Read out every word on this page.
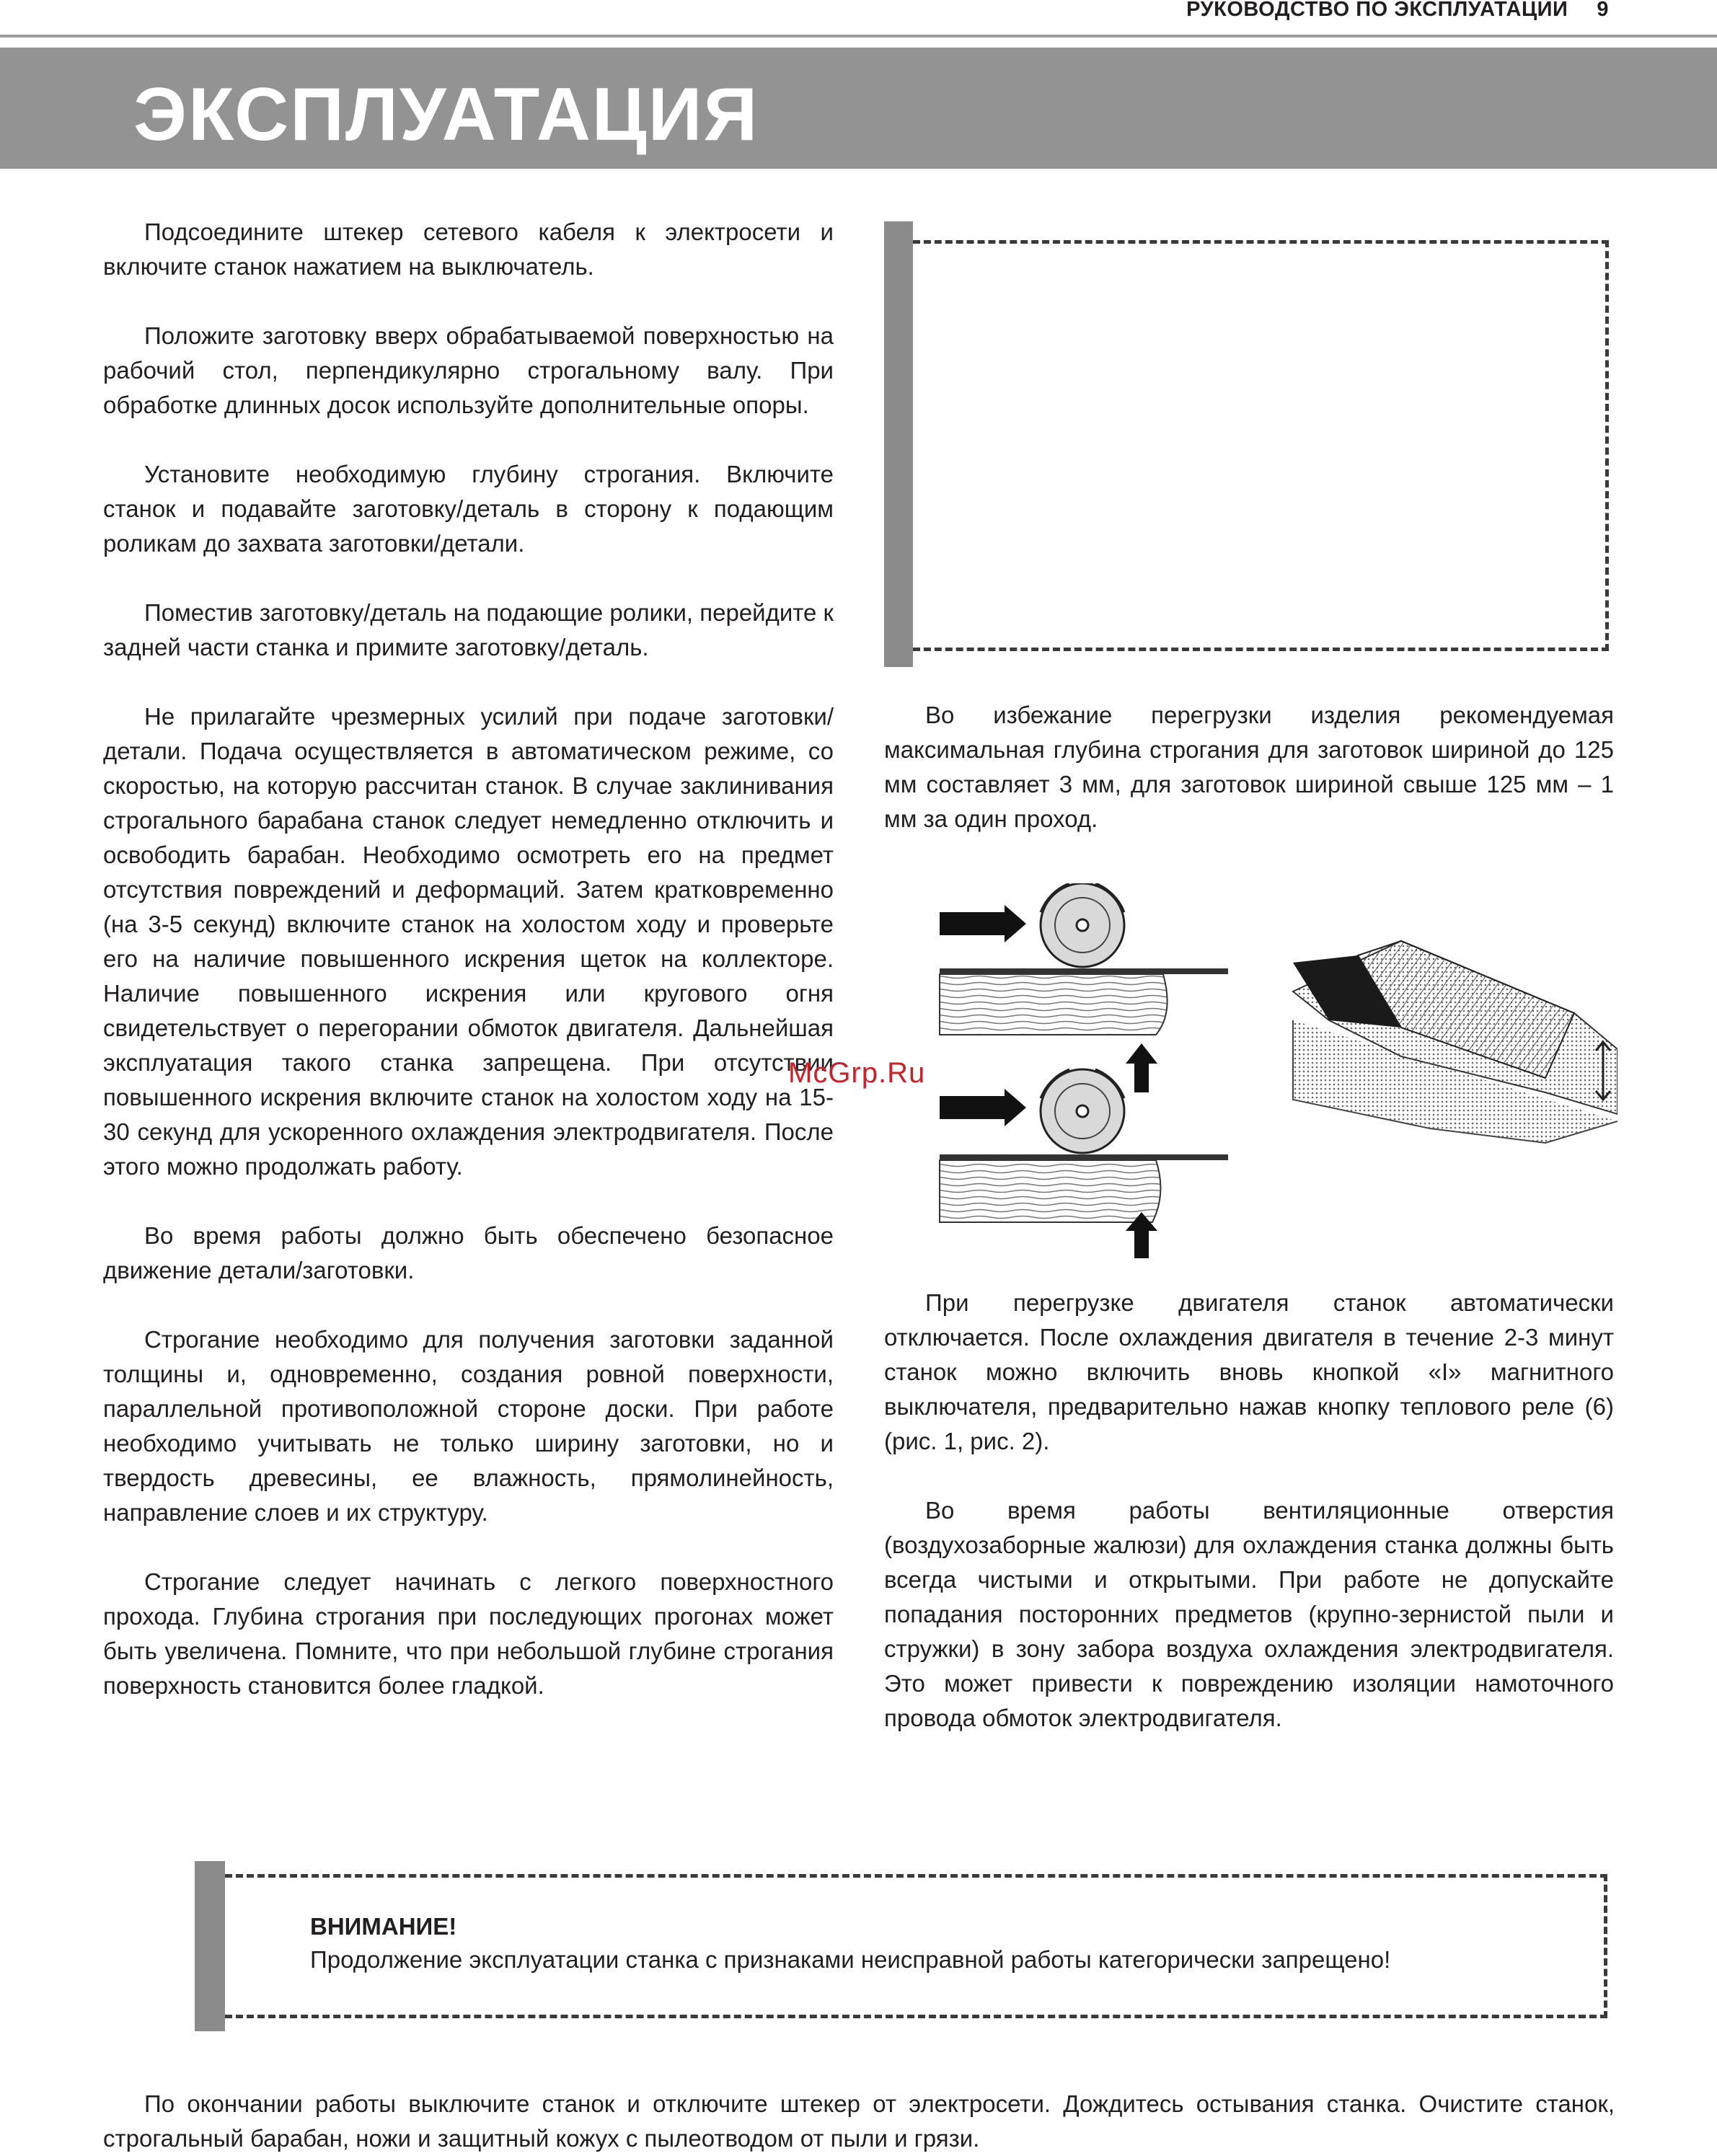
РУКОВОДСТВО ПО ЭКСПЛУАТАЦИИ 9
ЭКСПЛУАТАЦИЯ

Подсоедините штекер сетевого кабеля к электросети и включите станок нажатием на выключатель.

Положите заготовку вверх обрабатываемой поверхностью на рабочий стол, перпендикулярно строгальному валу. При обработке длинных досок используйте дополнительные опоры.

Установите необходимую глубину строгания. Включите станок и подавайте заготовку/деталь в сторону к подающим роликам до захвата заготовки/детали.

Поместив заготовку/деталь на подающие ролики, перейдите к задней части станка и примите заготовку/деталь.

Не прилагайте чрезмерных усилий при подаче заготовки/детали. Подача осуществляется в автоматическом режиме, со скоростью, на которую рассчитан станок. В случае заклинивания строгального барабана станок следует немедленно отключить и освободить барабан. Необходимо осмотреть его на предмет отсутствия повреждений и деформаций. Затем кратковременно (на 3-5 секунд) включите станок на холостом ходу и проверьте его на наличие повышенного искрения щеток на коллекторе. Наличие повышенного искрения или кругового огня свидетельствует о перегорании обмоток двигателя. Дальнейшая эксплуатация такого станка запрещена. При отсутствии повышенного искрения включите станок на холостом ходу на 15-30 секунд для ускоренного охлаждения электродвигателя. После этого можно продолжать работу.

Во время работы должно быть обеспечено безопасное движение детали/заготовки.

Строгание необходимо для получения заготовки заданной толщины и, одновременно, создания ровной поверхности, параллельной противоположной стороне доски. При работе необходимо учитывать не только ширину заготовки, но и твердость древесины, ее влажность, прямолинейность, направление слоев и их структуру.

Строгание следует начинать с легкого поверхностного прохода. Глубина строгания при последующих прогонах может быть увеличена. Помните, что при небольшой глубине строгания поверхность становится более гладкой.

Во избежание перегрузки изделия рекомендуемая максимальная глубина строгания для заготовок шириной до 125 мм составляет 3 мм, для заготовок шириной свыше 125 мм – 1 мм за один проход.

McGrp.Ru

При перегрузке двигателя станок автоматически отключается. После охлаждения двигателя в течение 2-3 минут станок можно включить вновь кнопкой «I» магнитного выключателя, предварительно нажав кнопку теплового реле (6) (рис. 1, рис. 2).

Во время работы вентиляционные отверстия (воздухозаборные жалюзи) для охлаждения станка должны быть всегда чистыми и открытыми. При работе не допускайте попадания посторонних предметов (крупно-зернистой пыли и стружки) в зону забора воздуха охлаждения электродвигателя. Это может привести к повреждению изоляции намоточного провода обмоток электродвигателя.

ВНИМАНИЕ!
Продолжение эксплуатации станка с признаками неисправной работы категорически запрещено!

По окончании работы выключите станок и отключите штекер от электросети. Дождитесь остывания станка. Очистите станок, строгальный барабан, ножи и защитный кожух с пылеотводом от пыли и грязи.
